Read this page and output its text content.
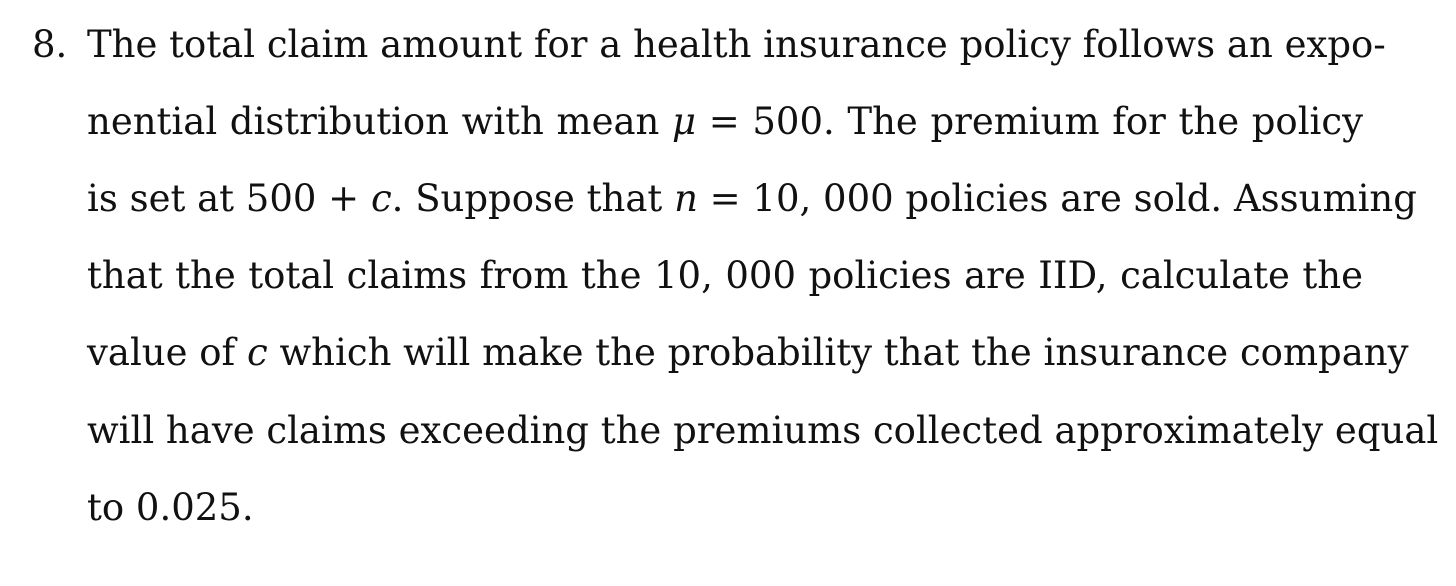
8. The total claim amount for a health insurance policy follows an expo-
nential distribution with mean μ = 500. The premium for the policy
is set at 500 + c. Suppose that n = 10, 000 policies are sold. Assuming
that the total claims from the 10, 000 policies are IID, calculate the
value of c which will make the probability that the insurance company
will have claims exceeding the premiums collected approximately equal
to 0.025.
